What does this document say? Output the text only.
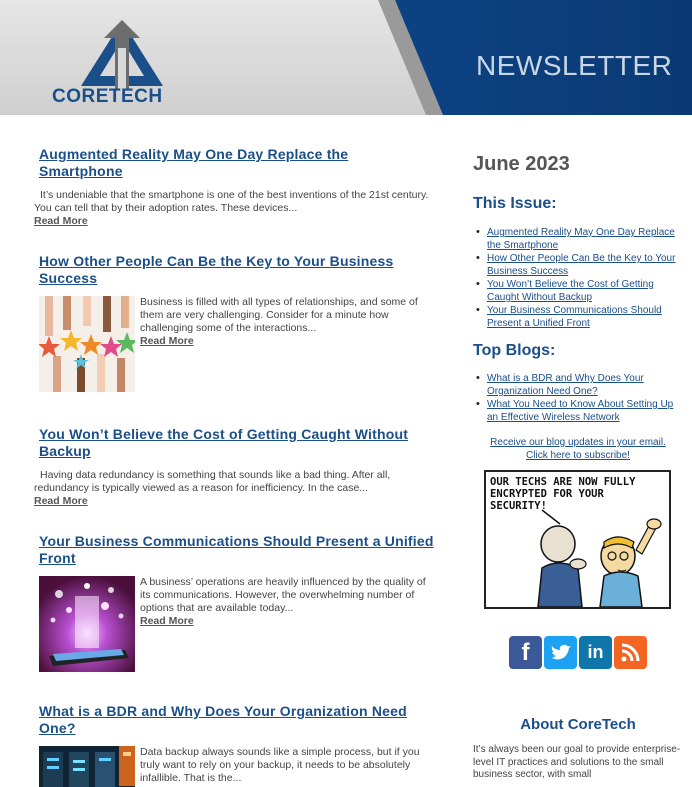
CORETECH
NEWSLETTER
Augmented Reality May One Day Replace the Smartphone
It’s undeniable that the smartphone is one of the best inventions of the 21st century. You can tell that by their adoption rates. These devices...
Read More
How Other People Can Be the Key to Your Business Success
Business is filled with all types of relationships, and some of them are very challenging. Consider for a minute how challenging some of the interactions...
Read More
You Won’t Believe the Cost of Getting Caught Without Backup
Having data redundancy is something that sounds like a bad thing. After all, redundancy is typically viewed as a reason for inefficiency. In the case...
Read More
Your Business Communications Should Present a Unified Front
A business’ operations are heavily influenced by the quality of its communications. However, the overwhelming number of options that are available today...
Read More
What is a BDR and Why Does Your Organization Need One?
Data backup always sounds like a simple process, but if you truly want to rely on your backup, it needs to be absolutely infallible. That is the...
June 2023
This Issue:
• Augmented Reality May One Day Replace the Smartphone
• How Other People Can Be the Key to Your Business Success
• You Won’t Believe the Cost of Getting Caught Without Backup
• Your Business Communications Should Present a Unified Front
Top Blogs:
• What is a BDR and Why Does Your Organization Need One?
• What You Need to Know About Setting Up an Effective Wireless Network
Receive our blog updates in your email.
Click here to subscribe!
OUR TECHS ARE NOW FULLY
ENCRYPTED FOR YOUR
SECURITY!
f	in
About CoreTech
It’s always been our goal to provide enterprise-level IT practices and solutions to the small business sector, with small
